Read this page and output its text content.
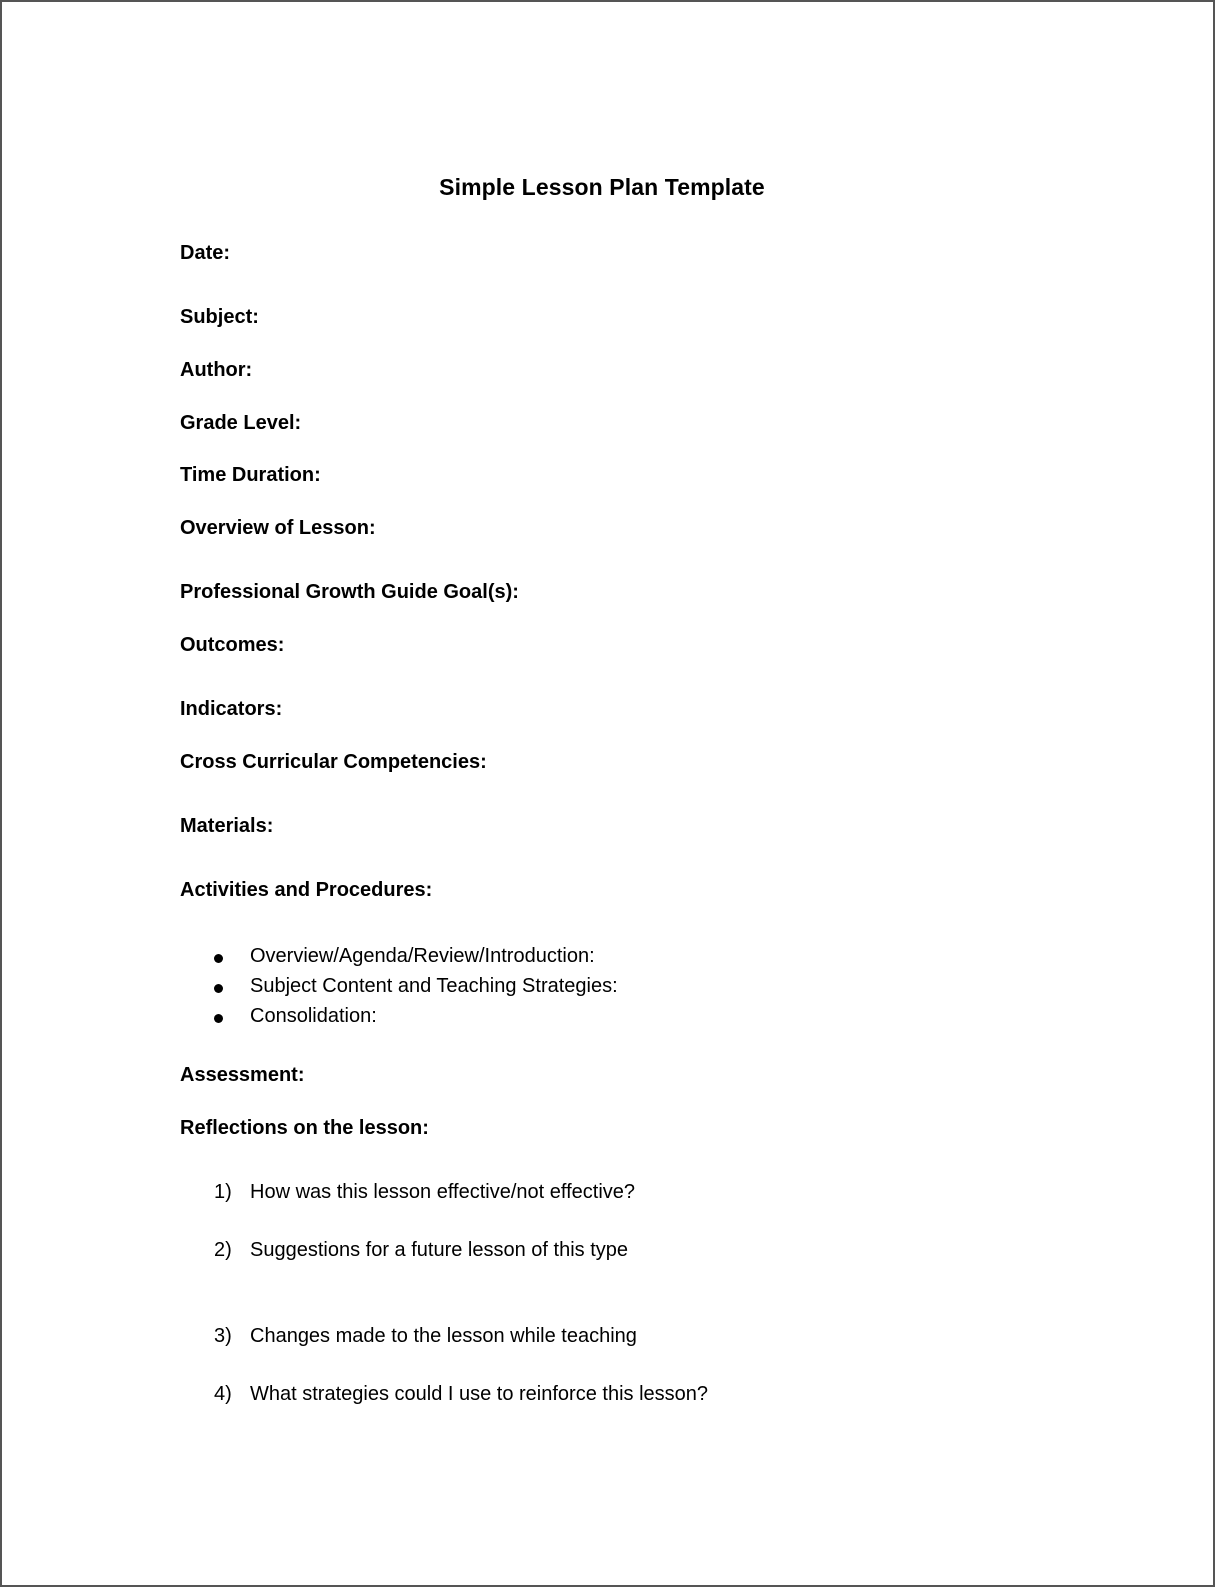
Simple Lesson Plan Template
Date:
Subject:
Author:
Grade Level:
Time Duration:
Overview of Lesson:
Professional Growth Guide Goal(s):
Outcomes:
Indicators:
Cross Curricular Competencies:
Materials:
Activities and Procedures:
Overview/Agenda/Review/Introduction:
Subject Content and Teaching Strategies:
Consolidation:
Assessment:
Reflections on the lesson:
1) How was this lesson effective/not effective?
2) Suggestions for a future lesson of this type
3) Changes made to the lesson while teaching
4) What strategies could I use to reinforce this lesson?
